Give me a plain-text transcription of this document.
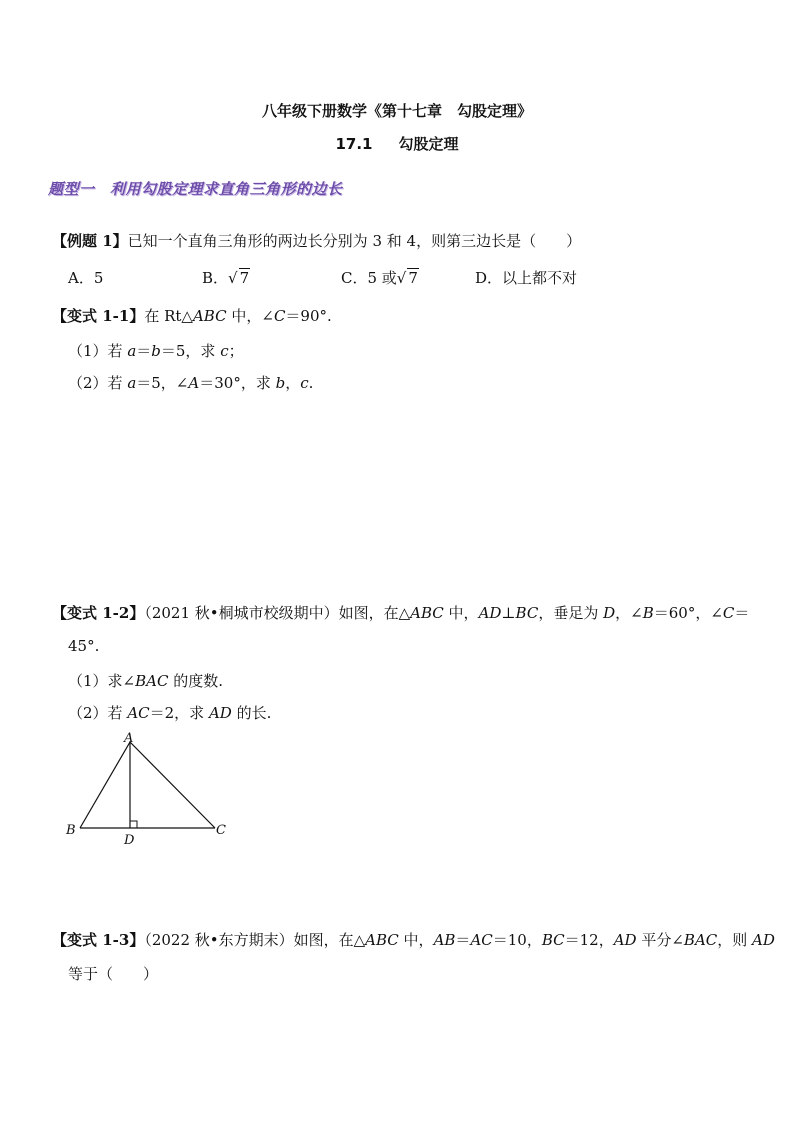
八年级下册数学《第十七章　勾股定理》
17.1 勾股定理
题型一　利用勾股定理求直角三角形的边长
【例题 1】已知一个直角三角形的两边长分别为 3 和 4，则第三边长是（　　）
A．5	B．√ 7	C．5 或√ 7	D．以上都不对
【变式 1-1】在 Rt△ABC 中，∠C＝90°.
（1）若 a＝b＝5，求 c；
（2）若 a＝5，∠A＝30°，求 b，c.
【变式 1-2】（2021 秋•桐城市校级期中）如图，在△ABC 中，AD⊥BC，垂足为 D，∠B＝60°，∠C＝
45°.
（1）求∠BAC 的度数.
（2）若 AC＝2，求 AD 的长.
A
B	C
D
【变式 1-3】（2022 秋•东方期末）如图，在△ABC 中，AB＝AC＝10，BC＝12，AD 平分∠BAC，则 AD
等于（　　）
